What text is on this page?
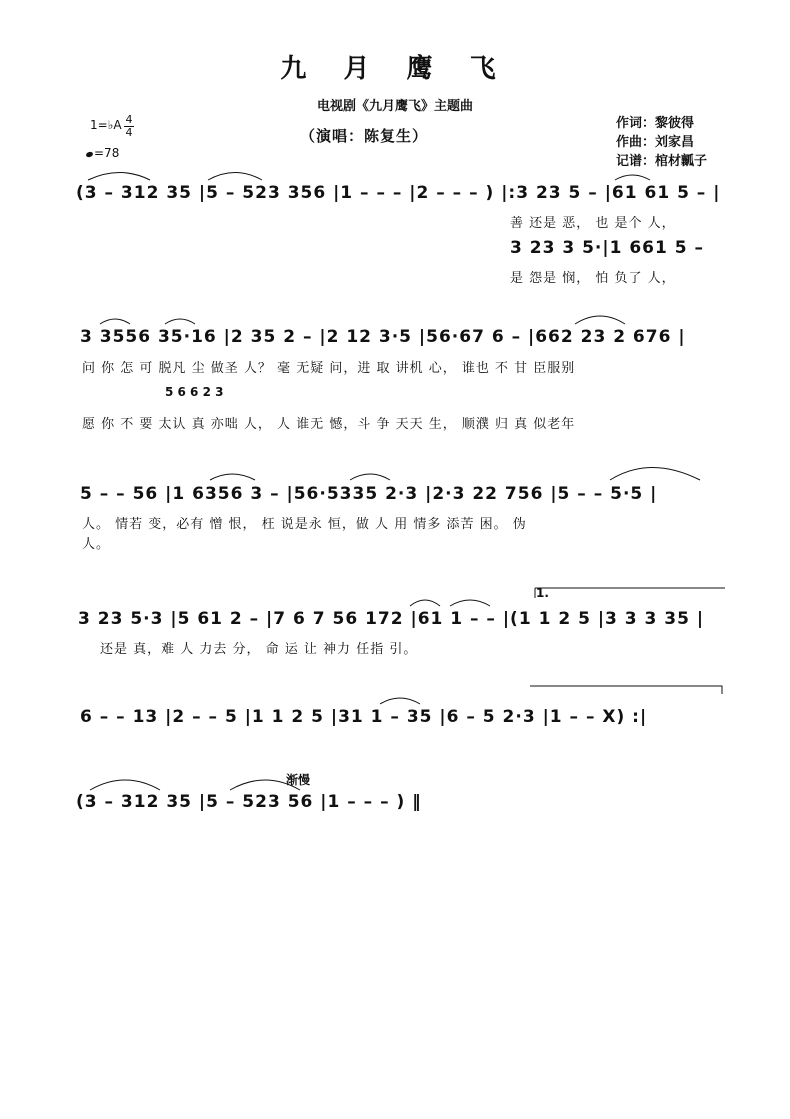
九 月 鹰 飞
电视剧《九月鹰飞》主题曲
（演唱：陈复生）
作词：黎彼得
作曲：刘家昌
记谱：棺材瓤子
1=♭A 4
4
=78
(3 – 312 35 |5 – 523 356 |1 – – – |2 – – – ) |:3 23 5 – |61 61 5 – |
善 还是 恶， 也 是个 人，
3 23 3 5·|1 661 5 –
是 怨是 悯， 怕 负了 人，
3 3556 35·16 |2 35 2 – |2 12 3·5 |56·67 6 – |662 23 2 676 |
问 你 怎 可 脱凡 尘 做圣 人？ 毫 无疑 问，进 取 讲机 心， 谁也 不 甘 臣服别
5 6 6 2 3
愿 你 不 要 太认 真 亦咄 人， 人 谁无 憾，斗 争 天天 生， 顺濮 归 真 似老年
5 – – 56 |1 6356 3 – |56·5335 2·3 |2·3 22 756 |5 – – 5·5 |
人。 情若 变，必有 憎 恨， 枉 说是永 恒，做 人 用 情多 添苦 困。 伪
人。
1.
3 23 5·3 |5 61 2 – |7 6 7 56 172 |61 1 – – |(1 1 2 5 |3 3 3 35 |
还是 真，难 人 力去 分， 命 运 让 神力 任指 引。
6 – – 13 |2 – – 5 |1 1 2 5 |31 1 – 35 |6 – 5 2·3 |1 – – X) :|
渐慢
(3 – 312 35 |5 – 523 56 |1 – – – ) ‖
